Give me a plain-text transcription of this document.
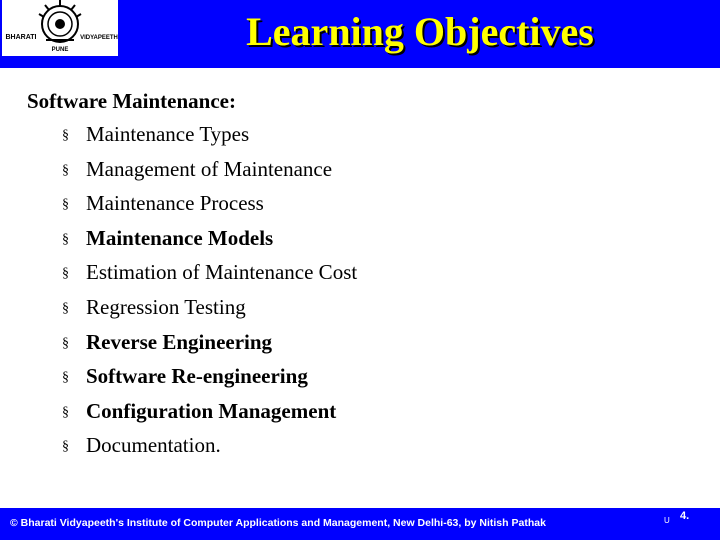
BHARATI	VIDYAPEETH
PUNE	Learning Objectives
Software Maintenance:
§ Maintenance Types
§ Management of Maintenance
§ Maintenance Process
§ Maintenance Models
§ Estimation of Maintenance Cost
§ Regression Testing
§ Reverse Engineering
§ Software Re-engineering
§ Configuration Management
§ Documentation.
© Bharati Vidyapeeth's Institute of Computer Applications and Management, New Delhi-63, by Nitish Pathak	U 4.
